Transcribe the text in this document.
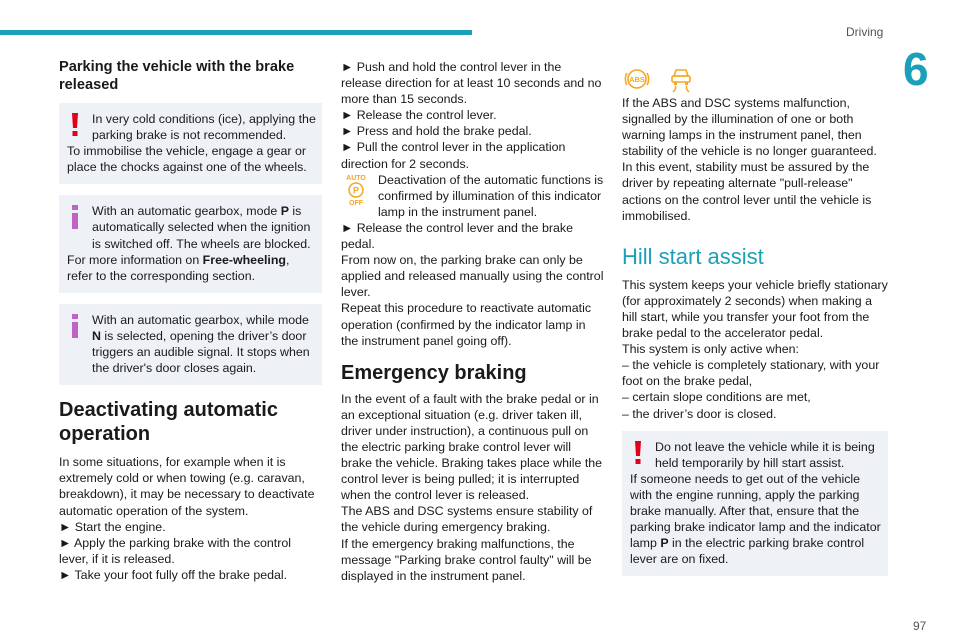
Driving
6
Parking the vehicle with the brake released

In very cold conditions (ice), applying the parking brake is not recommended.

To immobilise the vehicle, engage a gear or place the chocks against one of the wheels.

With an automatic gearbox, mode P is automatically selected when the ignition is switched off. The wheels are blocked.

For more information on Free-wheeling, refer to the corresponding section.

With an automatic gearbox, while mode N is selected, opening the driver’s door triggers an audible signal. It stops when the driver's door closes again.

Deactivating automatic operation

In some situations, for example when it is extremely cold or when towing (e.g. caravan, breakdown), it may be necessary to deactivate automatic operation of the system.

► Start the engine.

► Apply the parking brake with the control lever, if it is released.

► Take your foot fully off the brake pedal.

► Push and hold the control lever in the release direction for at least 10 seconds and no more than 15 seconds.

► Release the control lever.

► Press and hold the brake pedal.

► Pull the control lever in the application direction for 2 seconds.

AUTO
P
OFF

Deactivation of the automatic functions is confirmed by illumination of this indicator lamp in the instrument panel.

► Release the control lever and the brake pedal.

From now on, the parking brake can only be applied and released manually using the control lever.

Repeat this procedure to reactivate automatic operation (confirmed by the indicator lamp in the instrument panel going off).

Emergency braking

In the event of a fault with the brake pedal or in an exceptional situation (e.g. driver taken ill, driver under instruction), a continuous pull on the electric parking brake control lever will brake the vehicle. Braking takes place while the control lever is being pulled; it is interrupted when the control lever is released.

The ABS and DSC systems ensure stability of the vehicle during emergency braking.

If the emergency braking malfunctions, the message "Parking brake control faulty" will be displayed in the instrument panel.

ABS

If the ABS and DSC systems malfunction, signalled by the illumination of one or both warning lamps in the instrument panel, then stability of the vehicle is no longer guaranteed.

In this event, stability must be assured by the driver by repeating alternate "pull-release" actions on the control lever until the vehicle is immobilised.

Hill start assist

This system keeps your vehicle briefly stationary (for approximately 2 seconds) when making a hill start, while you transfer your foot from the brake pedal to the accelerator pedal.

This system is only active when:

– the vehicle is completely stationary, with your foot on the brake pedal,

– certain slope conditions are met,

– the driver’s door is closed.

Do not leave the vehicle while it is being held temporarily by hill start assist.

If someone needs to get out of the vehicle with the engine running, apply the parking brake manually. After that, ensure that the parking brake indicator lamp and the indicator lamp P in the electric parking brake control lever are on fixed.

97
